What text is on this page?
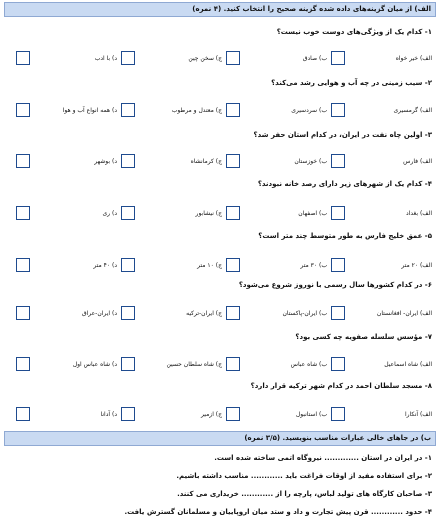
الف) از میان گزینه‌های داده شده گزینه صحیح را انتخاب کنید. (۴ نمره)
۱- کدام یک از ویژگی‌های دوست خوب نیست؟
الف) خیر خواه
ب) صادق
ج) سخن چین
د) با ادب
۲- سیب زمینی در چه آب و هوایی رشد می‌کند؟
الف) گرمسیری
ب) سردسیری
ج) معتدل و مرطوب
د) همه انواع آب و هوا
۳- اولین چاه نفت در ایران، در کدام استان حفر شد؟
الف) فارس
ب) خوزستان
ج) کرمانشاه
د) بوشهر
۴- کدام یک از شهرهای زیر دارای رصد خانه نبودند؟
الف) بغداد
ب) اصفهان
ج) نیشابور
د) ری
۵- عمق خلیج فارس به طور متوسط چند متر است؟
الف) ۲۰ متر
ب) ۳۰ متر
ج) ۱۰ متر
د) ۴۰ متر
۶- در کدام کشورها سال رسمی با نوروز شروع می‌شود؟
الف) ایران- افغانستان
ب) ایران-پاکستان
ج) ایران-ترکیه
د) ایران-عراق
۷- مؤسس سلسله صفویه چه کسی بود؟
الف) شاه اسماعیل
ب) شاه عباس
ج) شاه سلطان حسین
د) شاه عباس اول
۸- مسجد سلطان احمد در کدام شهر ترکیه قرار دارد؟
الف) آنکارا
ب) استانبول
ج) ازمیر
د) آدانا
ب) در جاهای خالی عبارات مناسب بنویسید. (۳/۵ نمره)
۱- در ایران در استان ............. نیروگاه اتمی ساخته شده است.
۲- برای استفاده مفید از اوقات فراغت باید ............ مناسب داشته باشیم.
۳- صاحبان کارگاه های تولید لباس، پارچه را از ............ خریداری می کنند.
۴- حدود ............ قرن پیش تجارت و داد و ستد میان اروپاییان و مسلمانان گسترش یافت.
